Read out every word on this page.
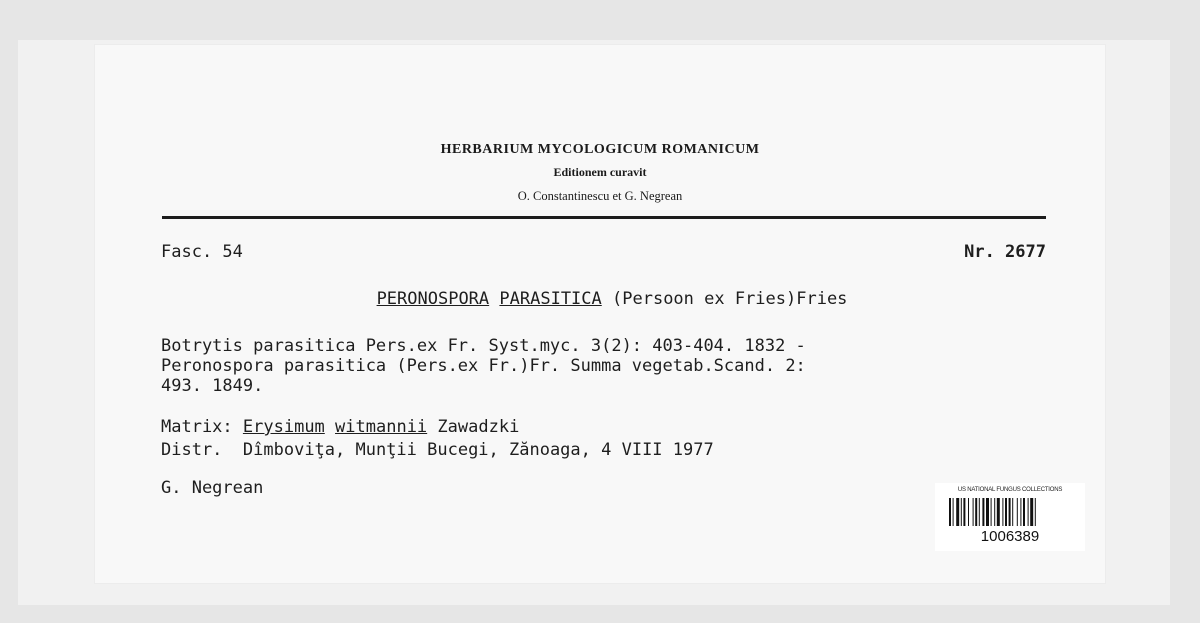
HERBARIUM MYCOLOGICUM ROMANICUM
Editionem curavit
O. Constantinescu et G. Negrean
Fasc. 54	Nr. 2677
PERONOSPORA PARASITICA (Persoon ex Fries)Fries
Botrytis parasitica Pers.ex Fr. Syst.myc. 3(2): 403-404. 1832 -
Peronospora parasitica (Pers.ex Fr.)Fr. Summa vegetab.Scand. 2:
493. 1849.
Matrix: Erysimum witmannii Zawadzki
Distr. Dîmboviţa, Munţii Bucegi, Zănoaga, 4 VIII 1977
G. Negrean	US NATIONAL FUNGUS COLLECTIONS
1006389
